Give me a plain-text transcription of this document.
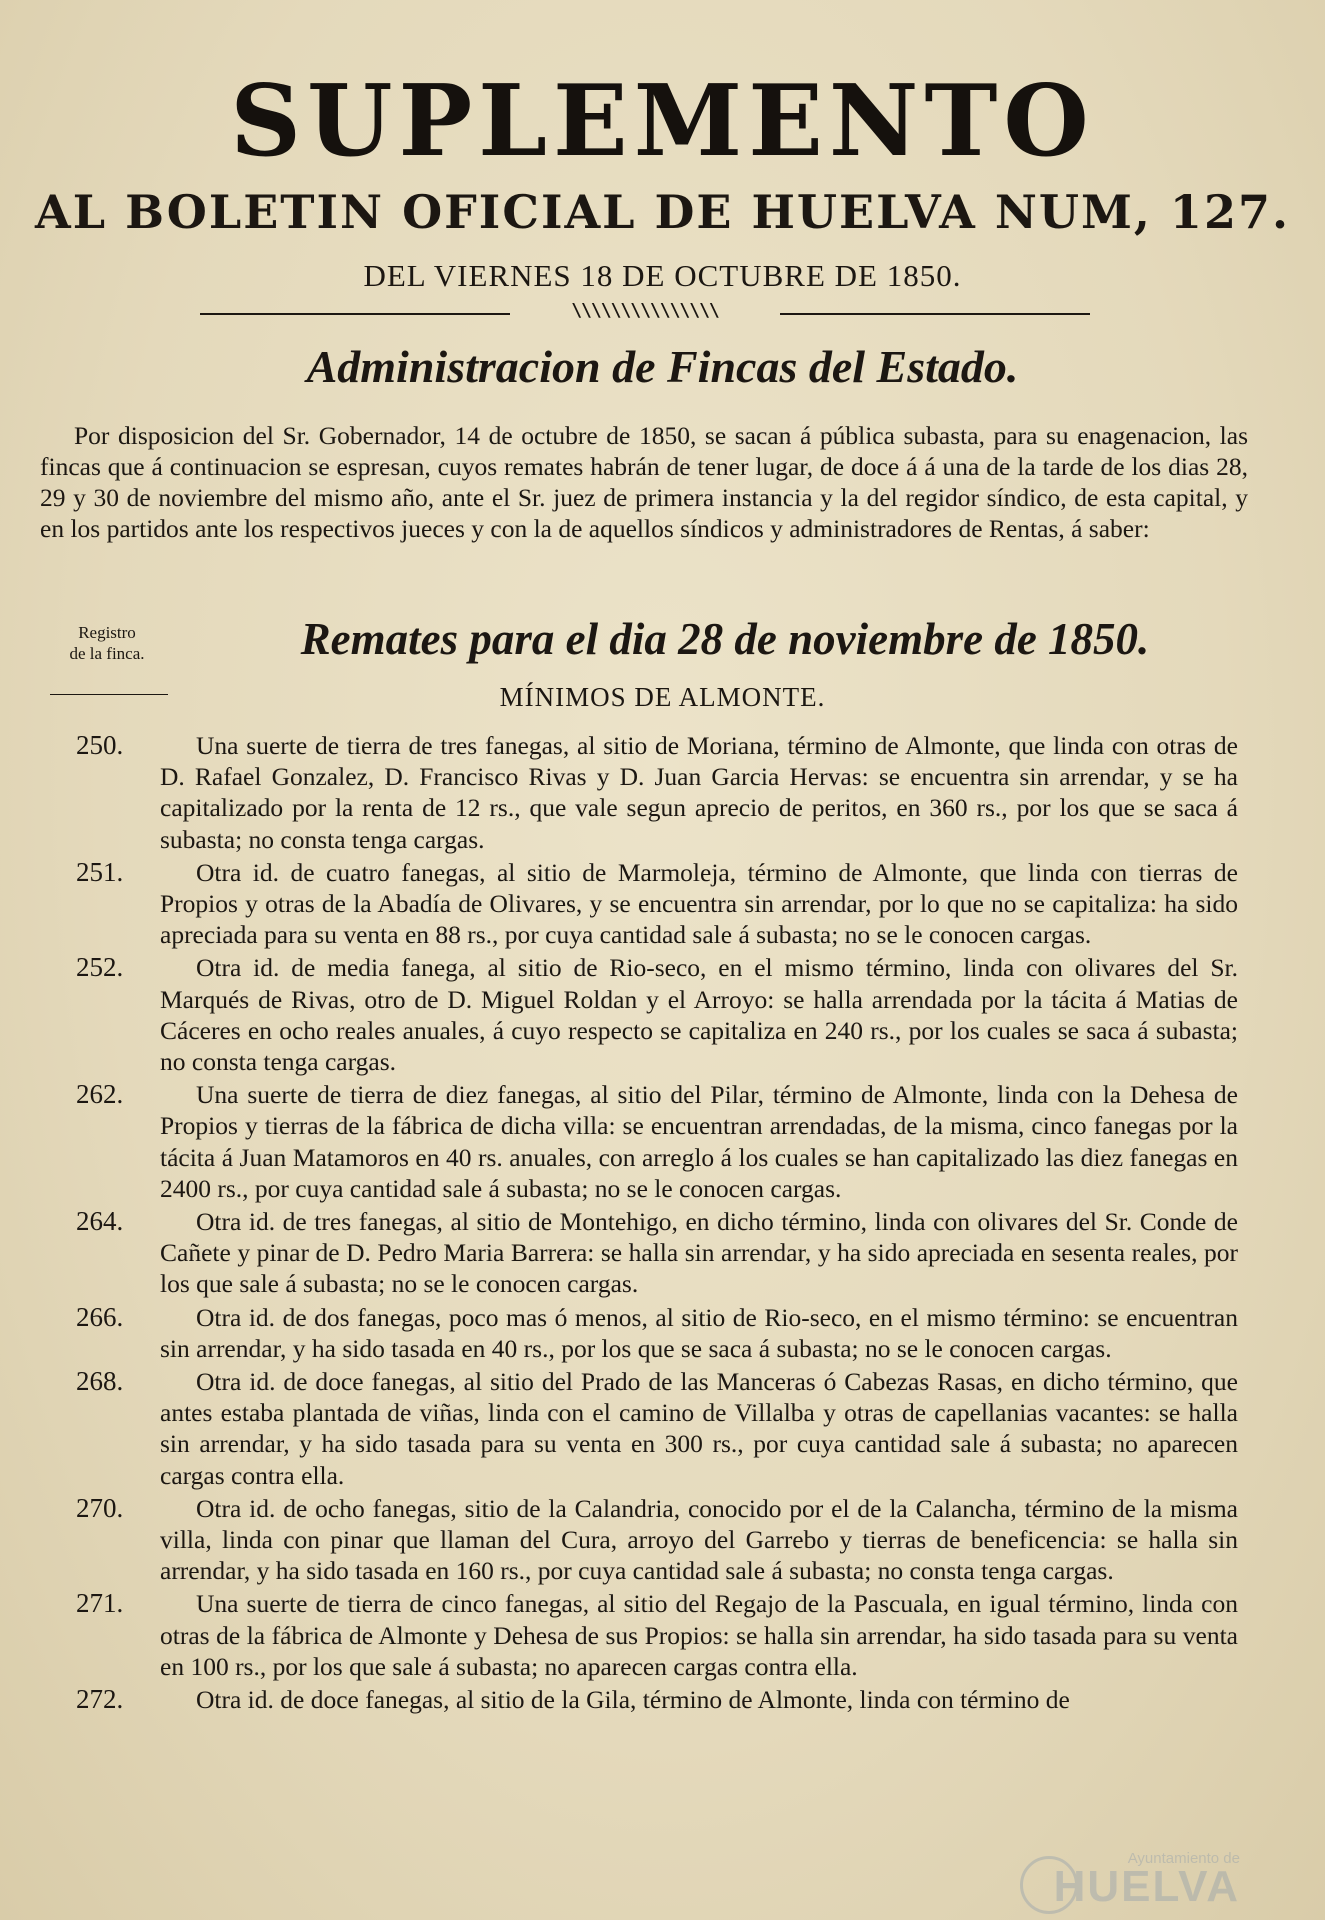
SUPLEMENTO
AL BOLETIN OFICIAL DE HUELVA NUM, 127.
DEL VIERNES 18 DE OCTUBRE DE 1850.
\\\\\\\\\\\\\\\
Administracion de Fincas del Estado.
Por disposicion del Sr. Gobernador, 14 de octubre de 1850, se sacan á pública subasta, para su enagenacion, las fincas que á continuacion se espresan, cuyos remates habrán de tener lugar, de doce á á una de la tarde de los dias 28, 29 y 30 de noviembre del mismo año, ante el Sr. juez de primera instancia y la del regidor síndico, de esta capital, y en los partidos ante los respectivos jueces y con la de aquellos síndicos y administradores de Rentas, á saber:
Registro
de la finca.	Remates para el dia 28 de noviembre de 1850.
MÍNIMOS DE ALMONTE.
250.	Una suerte de tierra de tres fanegas, al sitio de Moriana, término de Almonte, que linda con otras de D. Rafael Gonzalez, D. Francisco Rivas y D. Juan Garcia Hervas: se encuentra sin arrendar, y se ha capitalizado por la renta de 12 rs., que vale segun aprecio de peritos, en 360 rs., por los que se saca á subasta; no consta tenga cargas.
251.	Otra id. de cuatro fanegas, al sitio de Marmoleja, término de Almonte, que linda con tierras de Propios y otras de la Abadía de Olivares, y se encuentra sin arrendar, por lo que no se capitaliza: ha sido apreciada para su venta en 88 rs., por cuya cantidad sale á subasta; no se le conocen cargas.
252.	Otra id. de media fanega, al sitio de Rio-seco, en el mismo término, linda con olivares del Sr. Marqués de Rivas, otro de D. Miguel Roldan y el Arroyo: se halla arrendada por la tácita á Matias de Cáceres en ocho reales anuales, á cuyo respecto se capitaliza en 240 rs., por los cuales se saca á subasta; no consta tenga cargas.
262.	Una suerte de tierra de diez fanegas, al sitio del Pilar, término de Almonte, linda con la Dehesa de Propios y tierras de la fábrica de dicha villa: se encuentran arrendadas, de la misma, cinco fanegas por la tácita á Juan Matamoros en 40 rs. anuales, con arreglo á los cuales se han capitalizado las diez fanegas en 2400 rs., por cuya cantidad sale á subasta; no se le conocen cargas.
264.	Otra id. de tres fanegas, al sitio de Montehigo, en dicho término, linda con olivares del Sr. Conde de Cañete y pinar de D. Pedro Maria Barrera: se halla sin arrendar, y ha sido apreciada en sesenta reales, por los que sale á subasta; no se le conocen cargas.
266.	Otra id. de dos fanegas, poco mas ó menos, al sitio de Rio-seco, en el mismo término: se encuentran sin arrendar, y ha sido tasada en 40 rs., por los que se saca á subasta; no se le conocen cargas.
268.	Otra id. de doce fanegas, al sitio del Prado de las Manceras ó Cabezas Rasas, en dicho término, que antes estaba plantada de viñas, linda con el camino de Villalba y otras de capellanias vacantes: se halla sin arrendar, y ha sido tasada para su venta en 300 rs., por cuya cantidad sale á subasta; no aparecen cargas contra ella.
270.	Otra id. de ocho fanegas, sitio de la Calandria, conocido por el de la Calancha, término de la misma villa, linda con pinar que llaman del Cura, arroyo del Garrebo y tierras de beneficencia: se halla sin arrendar, y ha sido tasada en 160 rs., por cuya cantidad sale á subasta; no consta tenga cargas.
271.	Una suerte de tierra de cinco fanegas, al sitio del Regajo de la Pascuala, en igual término, linda con otras de la fábrica de Almonte y Dehesa de sus Propios: se halla sin arrendar, ha sido tasada para su venta en 100 rs., por los que sale á subasta; no aparecen cargas contra ella.
272.	Otra id. de doce fanegas, al sitio de la Gila, término de Almonte, linda con término de
Ayuntamiento de
HUELVA
